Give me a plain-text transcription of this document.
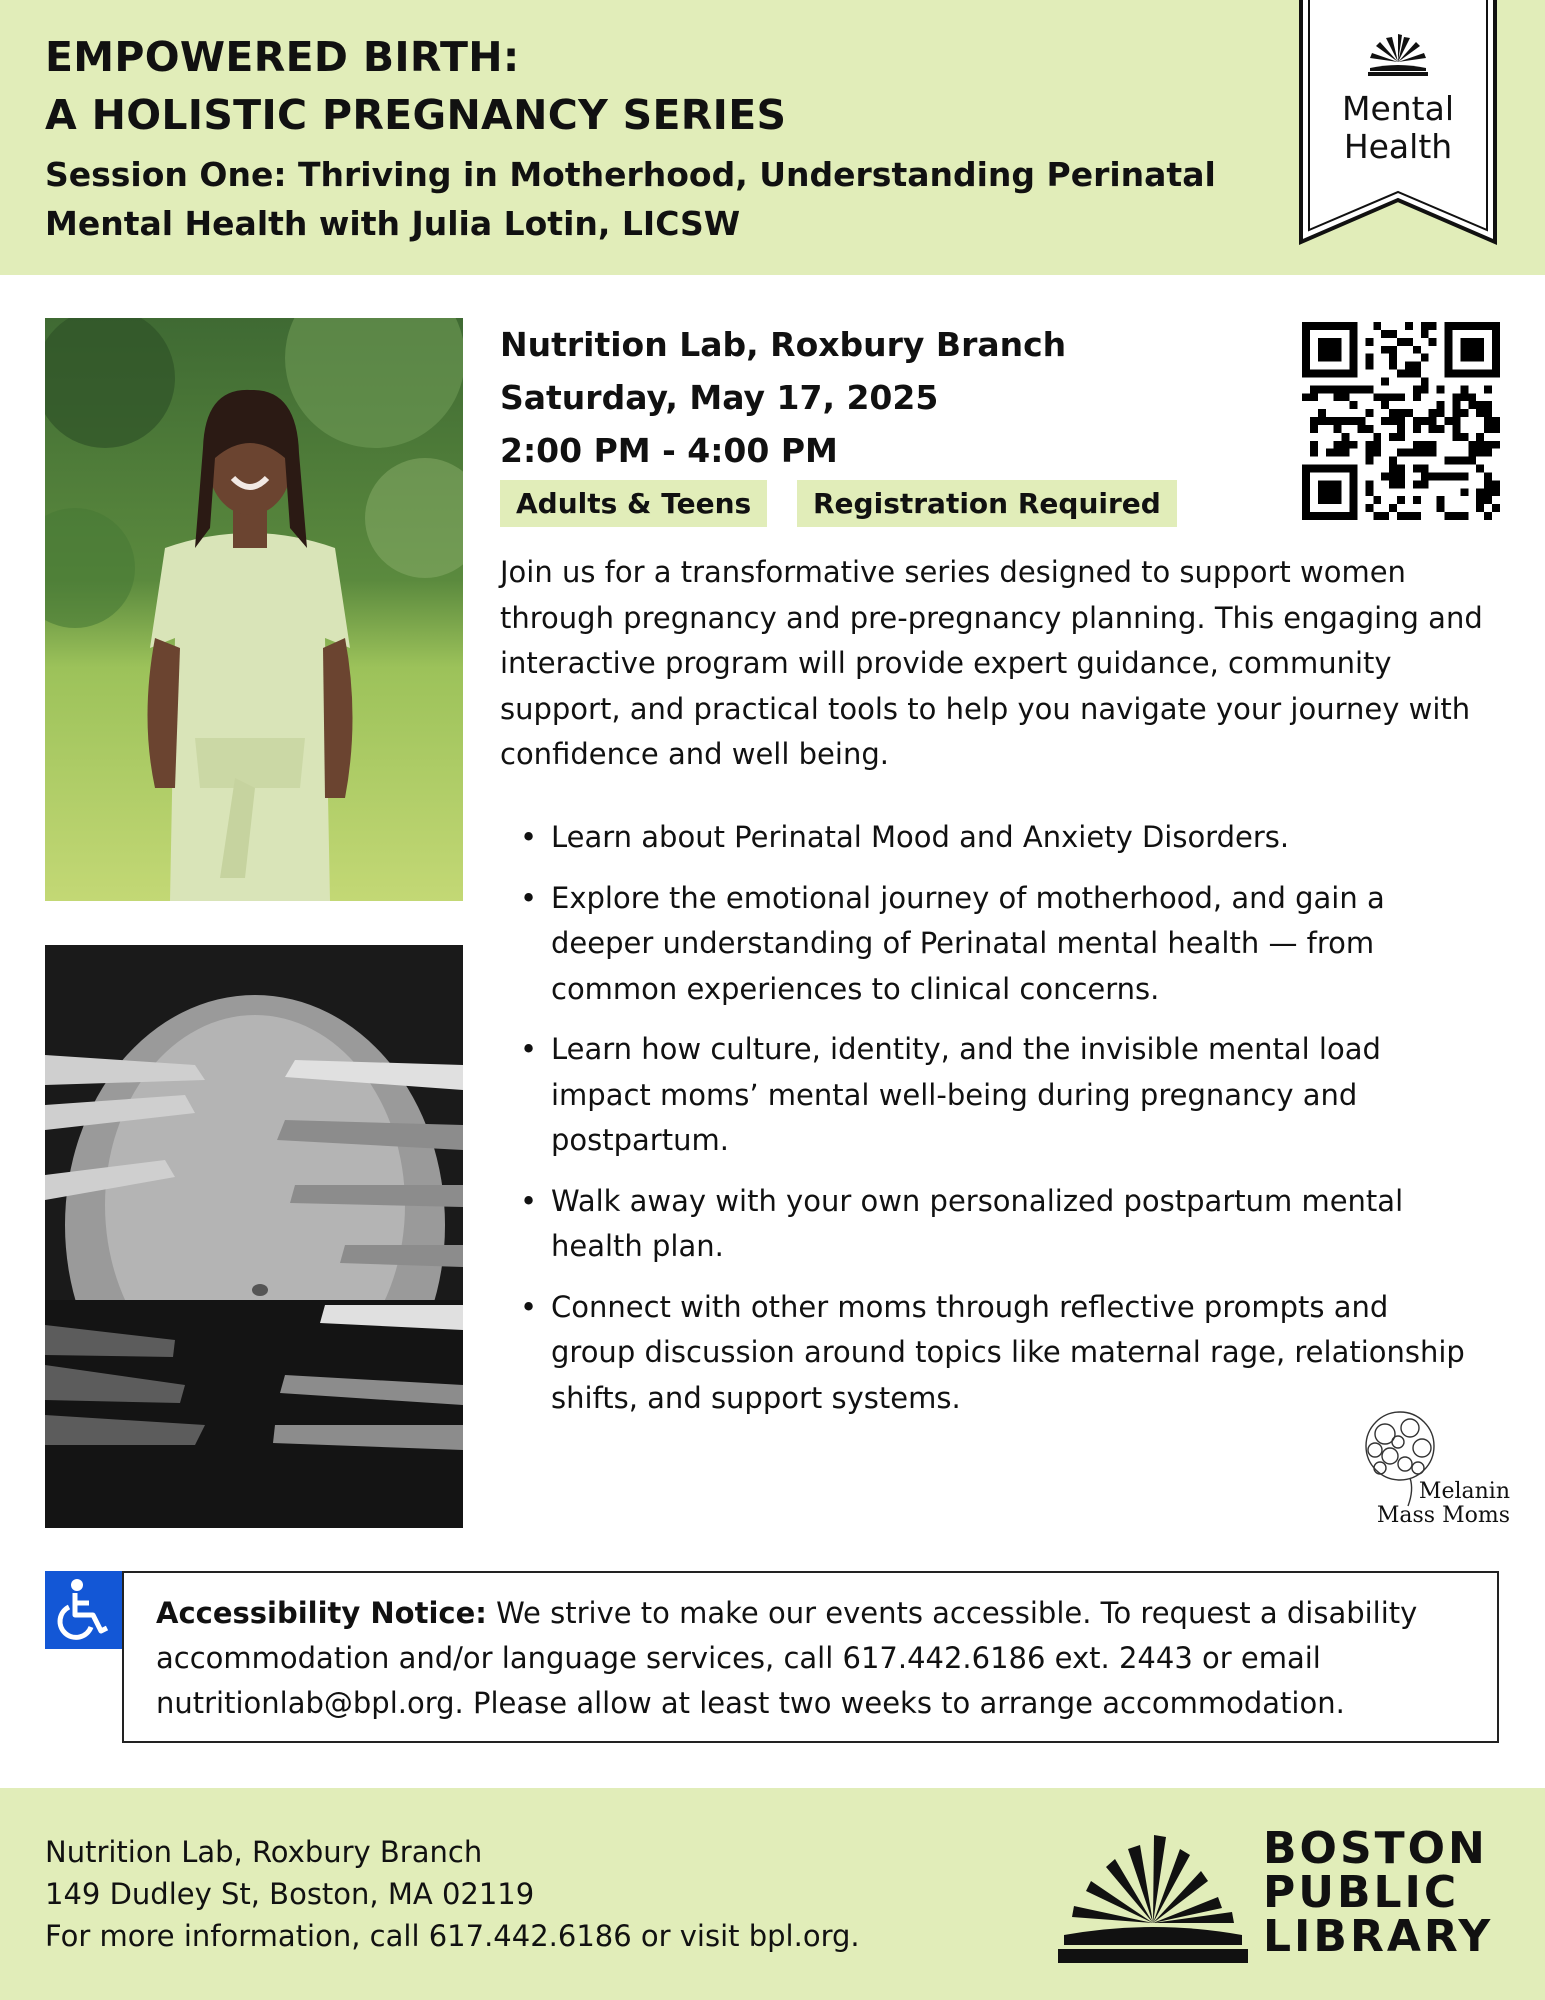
EMPOWERED BIRTH:
A HOLISTIC PREGNANCY SERIES
Session One: Thriving in Motherhood, Understanding Perinatal Mental Health with Julia Lotin, LICSW
Mental
Health
Nutrition Lab, Roxbury Branch
Saturday, May 17, 2025
2:00 PM - 4:00 PM
Adults & Teens	Registration Required
Join us for a transformative series designed to support women through pregnancy and pre-pregnancy planning. This engaging and interactive program will provide expert guidance, community support, and practical tools to help you navigate your journey with confidence and well being.
• Learn about Perinatal Mood and Anxiety Disorders.
• Explore the emotional journey of motherhood, and gain a deeper understanding of Perinatal mental health — from common experiences to clinical concerns.
• Learn how culture, identity, and the invisible mental load impact moms’ mental well-being during pregnancy and postpartum.
• Walk away with your own personalized postpartum mental health plan.
• Connect with other moms through reflective prompts and group discussion around topics like maternal rage, relationship shifts, and support systems.
Melanin
Mass Moms
Accessibility Notice: We strive to make our events accessible. To request a disability accommodation and/or language services, call 617.442.6186 ext. 2443 or email nutritionlab@bpl.org. Please allow at least two weeks to arrange accommodation.
Nutrition Lab, Roxbury Branch
149 Dudley St, Boston, MA 02119
For more information, call 617.442.6186 or visit bpl.org.
BOSTON
PUBLIC
LIBRARY
